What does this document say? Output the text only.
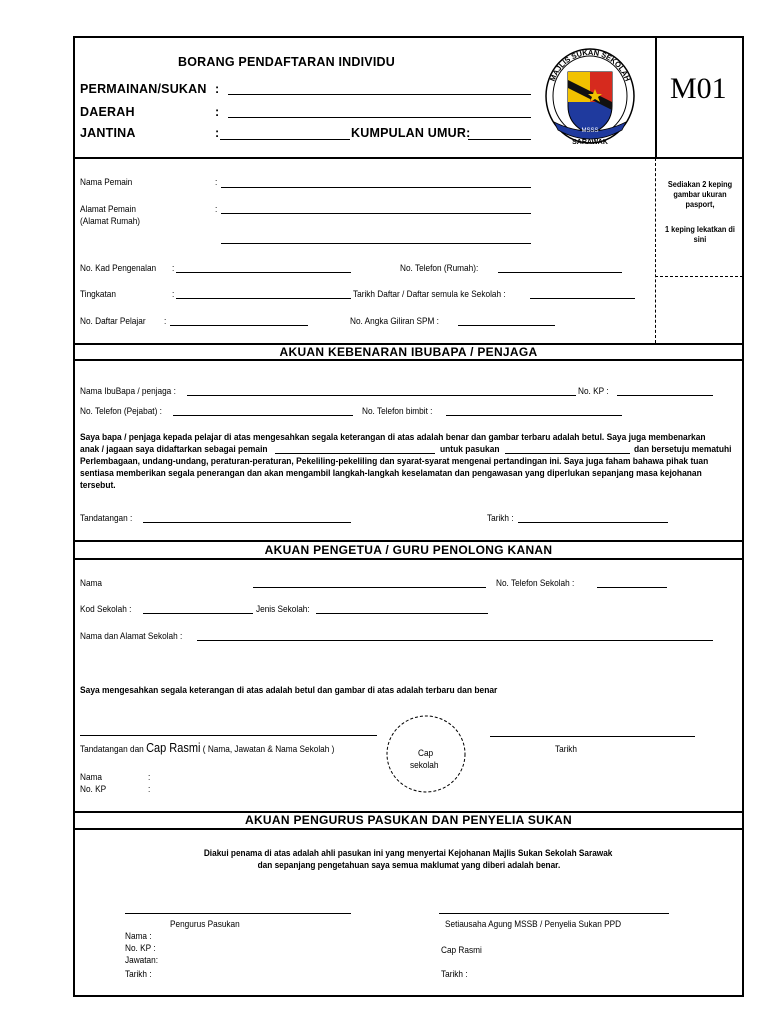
M01
BORANG PENDAFTARAN INDIVIDU
PERMAINAN/SUKAN :
DAERAH	:
JANTINA	:	KUMPULAN UMUR:	MSSS
MAJLIS SUKAN SEKOLAH
SARAWAK
Nama Pemain	:
Alamat Pemain
(Alamat Rumah)
:
No. Kad Pengenalan :	No. Telefon (Rumah):
Tingkatan	:	Tarikh Daftar / Daftar semula ke Sekolah :
No. Daftar Pelajar :	No. Angka Giliran SPM :
Sediakan 2 keping gambar ukuran pasport,
1 keping lekatkan di sini
AKUAN KEBENARAN IBUBAPA / PENJAGA
Nama IbuBapa / penjaga :	No. KP :
No. Telefon (Pejabat) :	No. Telefon bimbit :
Saya bapa / penjaga kepada pelajar di atas mengesahkan segala keterangan di atas adalah benar dan gambar terbaru adalah betul. Saya juga membenarkan
anak / jagaan saya didaftarkan sebagai pemain	untuk pasukan	dan bersetuju mematuhi
Perlembagaan, undang-undang, peraturan-peraturan, Pekeliling-pekeliling dan syarat-syarat mengenai pertandingan ini. Saya juga faham bahawa pihak tuan
sentiasa memberikan segala penerangan dan akan mengambil langkah-langkah keselamatan dan pengawasan yang diperlukan sepanjang masa kejohanan
tersebut.
Tandatangan :	Tarikh :
AKUAN PENGETUA / GURU PENOLONG KANAN
Nama	No. Telefon Sekolah :
Kod Sekolah :	Jenis Sekolah:
Nama dan Alamat Sekolah :
Saya mengesahkan segala keterangan di atas adalah betul dan gambar di atas adalah terbaru dan benar
Tandatangan dan Cap Rasmi ( Nama, Jawatan & Nama Sekolah )	Cap
sekolah
Tarikh
Nama	:
No. KP	:
AKUAN PENGURUS PASUKAN DAN PENYELIA SUKAN
Diakui penama di atas adalah ahli pasukan ini yang menyertai Kejohanan Majlis Sukan Sekolah Sarawak
dan sepanjang pengetahuan saya semua maklumat yang diberi adalah benar.
Pengurus Pasukan	Setiausaha Agung MSSB / Penyelia Sukan PPD
Nama :
No. KP :
Jawatan:
Tarikh :
Cap Rasmi
Tarikh :
